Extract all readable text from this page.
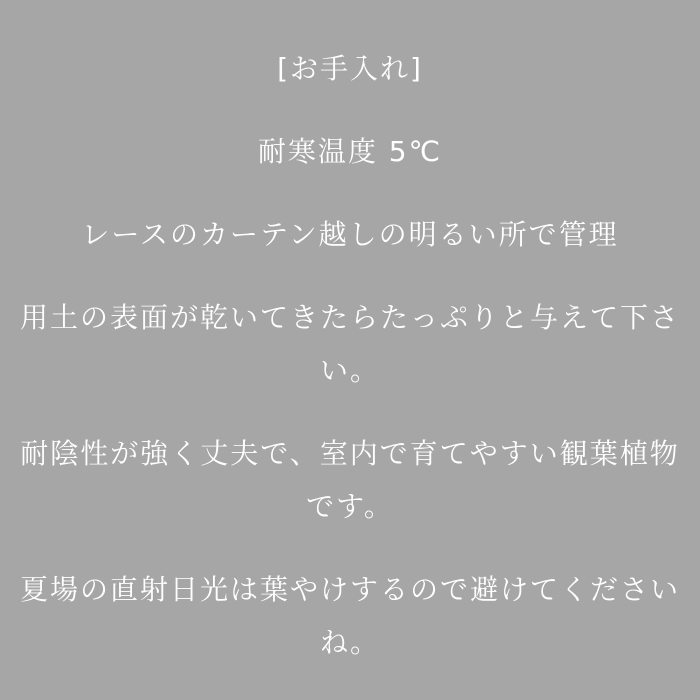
[お手入れ]

耐寒温度 5℃

レースのカーテン越しの明るい所で管理

用土の表面が乾いてきたらたっぷりと与えて下さい。

耐陰性が強く丈夫で、室内で育てやすい観葉植物です。

夏場の直射日光は葉やけするので避けてくださいね。
